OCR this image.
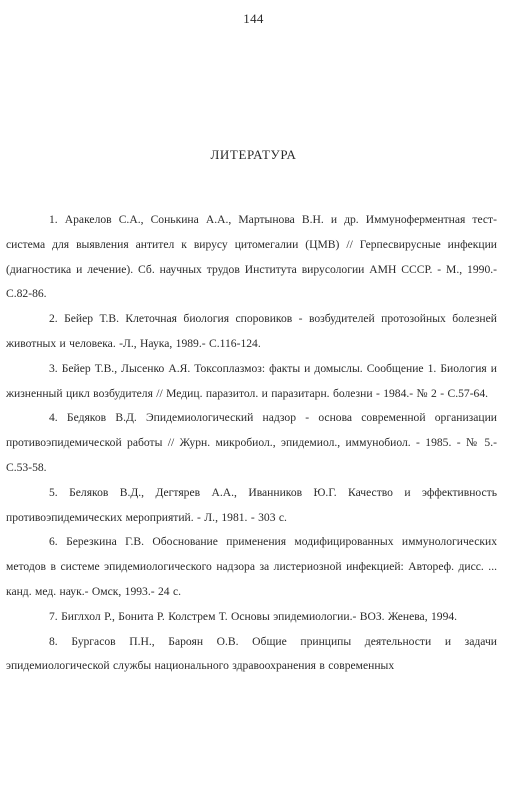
144
ЛИТЕРАТУРА
1. Аракелов С.А., Сонькина А.А., Мартынова В.Н. и др. Иммуноферментная тест-система для выявления антител к вирусу цитомегалии (ЦМВ) // Герпесвирусные инфекции (диагностика и лечение). Сб. научных трудов Института вирусологии АМН СССР. - М., 1990.- С.82-86.
2. Бейер Т.В. Клеточная биология споровиков - возбудителей протозойных болезней животных и человека. -Л., Наука, 1989.- С.116-124.
3. Бейер Т.В., Лысенко А.Я. Токсоплазмоз: факты и домыслы. Сообщение 1. Биология и жизненный цикл возбудителя // Медиц. паразитол. и паразитарн. болезни - 1984.- № 2 - С.57-64.
4. Бедяков В.Д. Эпидемиологический надзор - основа современной организации противоэпидемической работы // Журн. микробиол., эпидемиол., иммунобиол. - 1985. - № 5.- С.53-58.
5. Беляков В.Д., Дегтярев А.А., Иванников Ю.Г. Качество и эффективность противоэпидемических мероприятий. - Л., 1981. - 303 с.
6. Березкина Г.В. Обоснование применения модифицированных иммунологических методов в системе эпидемиологического надзора за листериозной инфекцией: Автореф. дисс. ... канд. мед. наук.- Омск, 1993.- 24 с.
7. Биглхол Р., Бонита Р. Колстрем Т. Основы эпидемиологии.- ВОЗ. Женева, 1994.
8. Бургасов П.Н., Бароян О.В. Общие принципы деятельности и задачи эпидемиологической службы национального здравоохранения в современных
